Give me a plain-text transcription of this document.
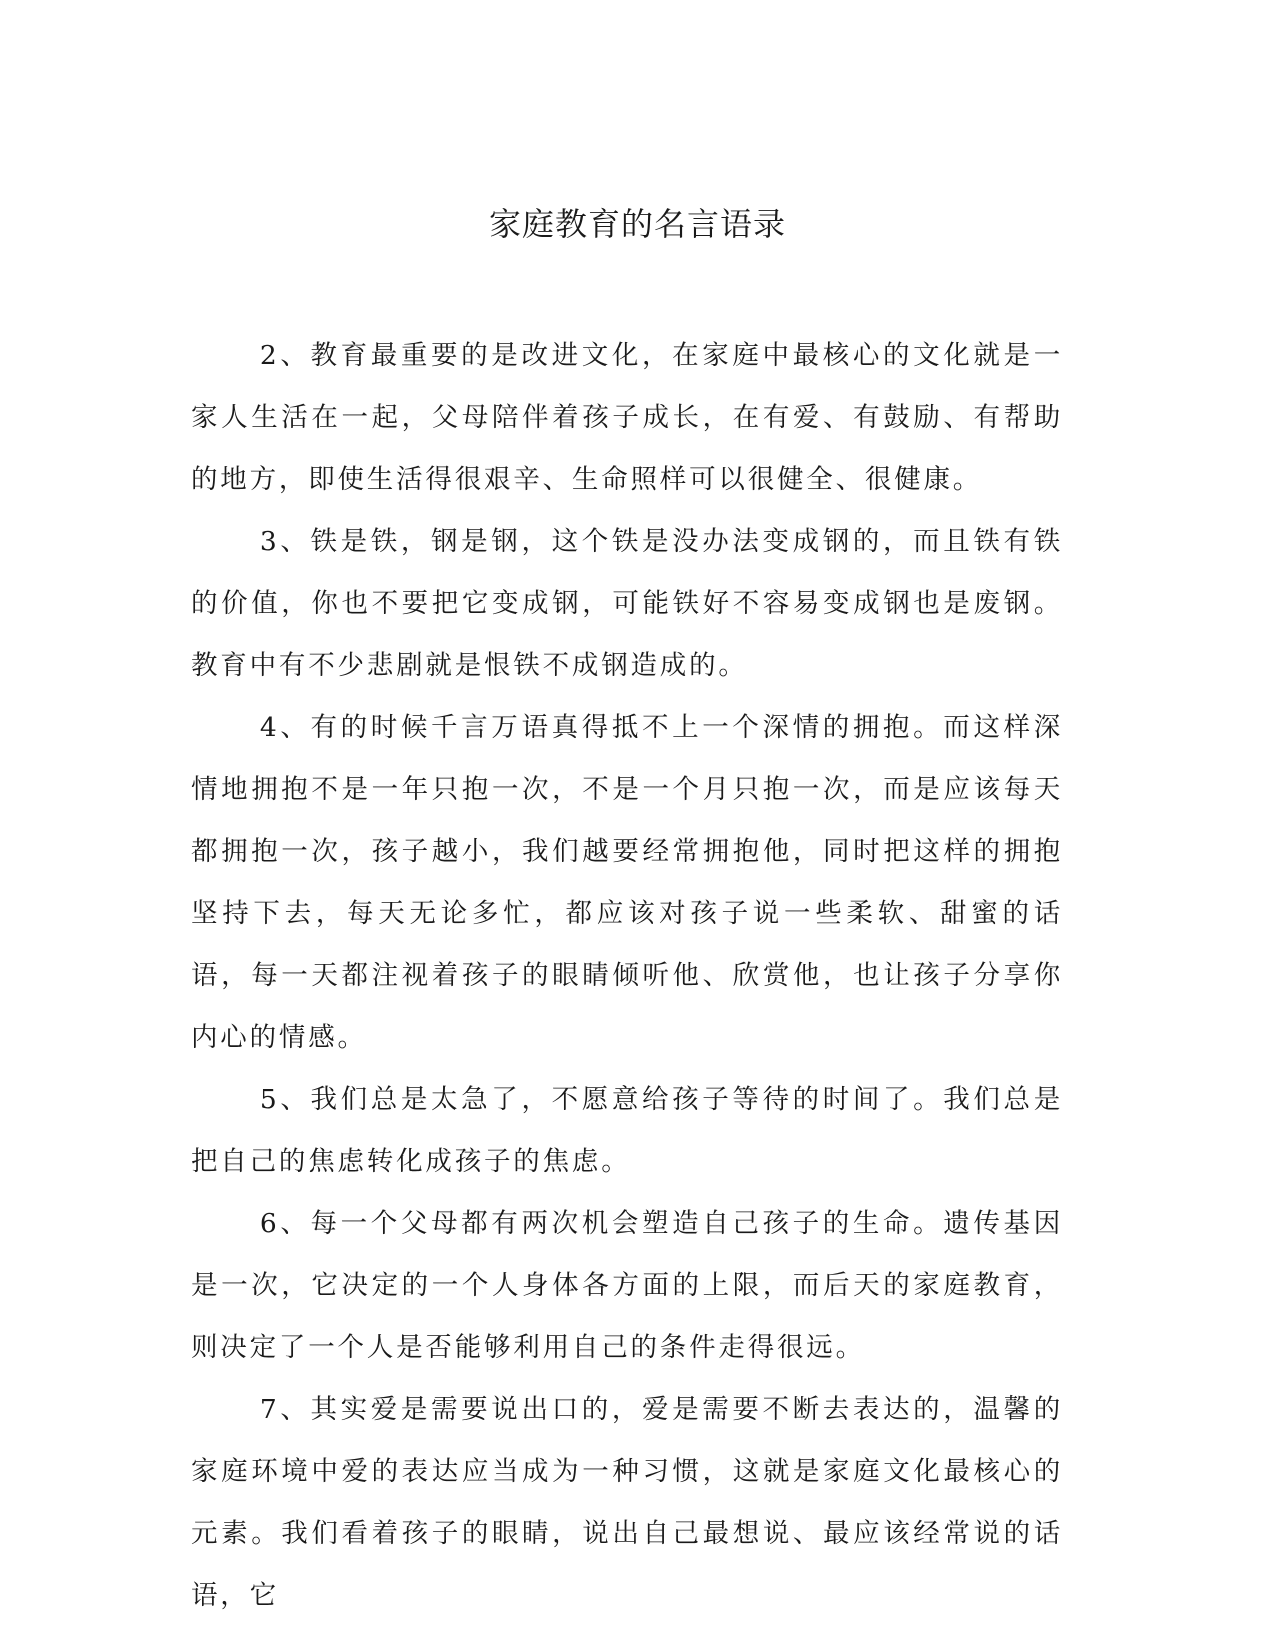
家庭教育的名言语录

2、教育最重要的是改进文化，在家庭中最核心的文化就是一家人生活在一起，父母陪伴着孩子成长，在有爱、有鼓励、有帮助的地方，即使生活得很艰辛、生命照样可以很健全、很健康。

3、铁是铁，钢是钢，这个铁是没办法变成钢的，而且铁有铁的价值，你也不要把它变成钢，可能铁好不容易变成钢也是废钢。教育中有不少悲剧就是恨铁不成钢造成的。

4、有的时候千言万语真得抵不上一个深情的拥抱。而这样深情地拥抱不是一年只抱一次，不是一个月只抱一次，而是应该每天都拥抱一次，孩子越小，我们越要经常拥抱他，同时把这样的拥抱坚持下去，每天无论多忙，都应该对孩子说一些柔软、甜蜜的话语，每一天都注视着孩子的眼睛倾听他、欣赏他，也让孩子分享你内心的情感。

5、我们总是太急了，不愿意给孩子等待的时间了。我们总是把自己的焦虑转化成孩子的焦虑。

6、每一个父母都有两次机会塑造自己孩子的生命。遗传基因是一次，它决定的一个人身体各方面的上限，而后天的家庭教育，则决定了一个人是否能够利用自己的条件走得很远。

7、其实爱是需要说出口的，爱是需要不断去表达的，温馨的家庭环境中爱的表达应当成为一种习惯，这就是家庭文化最核心的元素。我们看着孩子的眼睛，说出自己最想说、最应该经常说的话语，它
